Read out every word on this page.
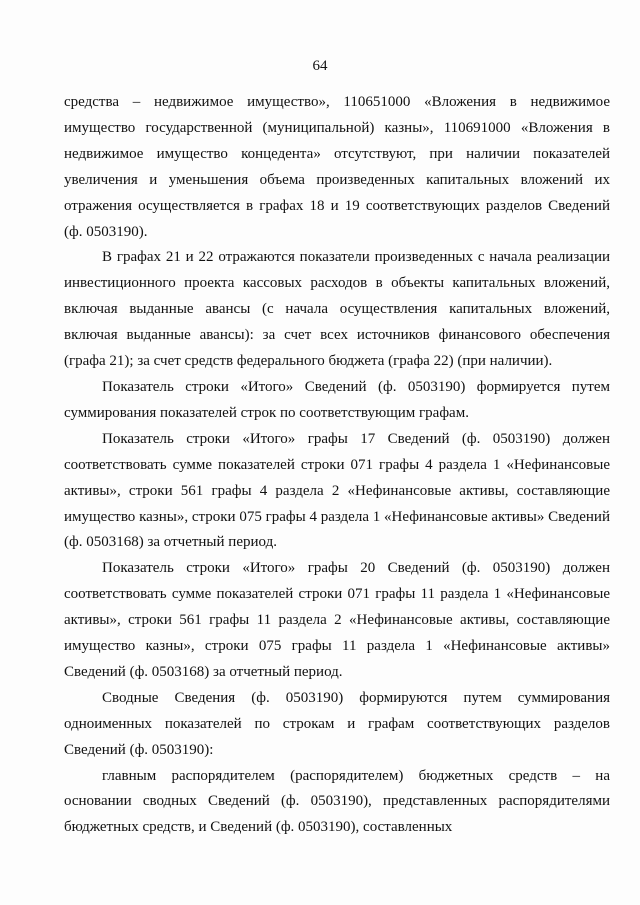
64

средства – недвижимое имущество», 110651000 «Вложения в недвижимое имущество государственной (муниципальной) казны», 110691000 «Вложения в недвижимое имущество концедента» отсутствуют, при наличии показателей увеличения и уменьшения объема произведенных капитальных вложений их отражения осуществляется в графах 18 и 19 соответствующих разделов Сведений (ф. 0503190).

В графах 21 и 22 отражаются показатели произведенных с начала реализации инвестиционного проекта кассовых расходов в объекты капитальных вложений, включая выданные авансы (с начала осуществления капитальных вложений, включая выданные авансы): за счет всех источников финансового обеспечения (графа 21); за счет средств федерального бюджета (графа 22) (при наличии).

Показатель строки «Итого» Сведений (ф. 0503190) формируется путем суммирования показателей строк по соответствующим графам.

Показатель строки «Итого» графы 17 Сведений (ф. 0503190) должен соответствовать сумме показателей строки 071 графы 4 раздела 1 «Нефинансовые активы», строки 561 графы 4 раздела 2 «Нефинансовые активы, составляющие имущество казны», строки 075 графы 4 раздела 1 «Нефинансовые активы» Сведений (ф. 0503168) за отчетный период.

Показатель строки «Итого» графы 20 Сведений (ф. 0503190) должен соответствовать сумме показателей строки 071 графы 11 раздела 1 «Нефинансовые активы», строки 561 графы 11 раздела 2 «Нефинансовые активы, составляющие имущество казны», строки 075 графы 11 раздела 1 «Нефинансовые активы» Сведений (ф. 0503168) за отчетный период.

Сводные Сведения (ф. 0503190) формируются путем суммирования одноименных показателей по строкам и графам соответствующих разделов Сведений (ф. 0503190):

главным распорядителем (распорядителем) бюджетных средств – на основании сводных Сведений (ф. 0503190), представленных распорядителями бюджетных средств, и Сведений (ф. 0503190), составленных
